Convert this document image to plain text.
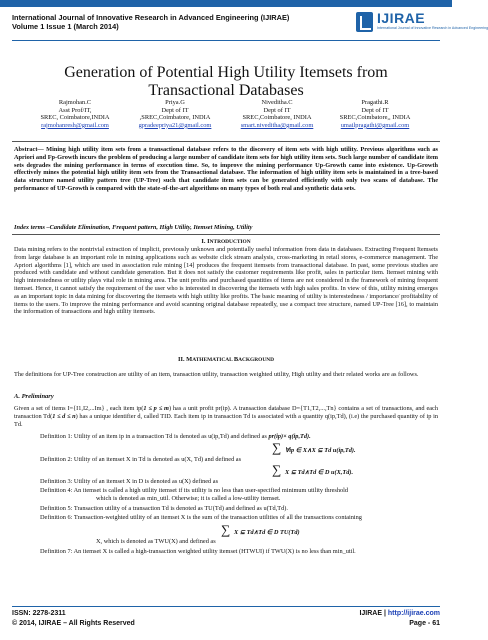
International Journal of Innovative Research in Advanced Engineering (IJIRAE)
Volume 1 Issue 1 (March 2014)
IJIRAE
International Journal of Innovative Research in Advanced Engineering
Generation of Potential High Utility Itemsets from Transactional Databases
Rajmohan.C
Asst Prof/IT,
SREC, Coimbatore,INDIA
rajmohanresh@gmail.com
Priya.G
Dept of IT
,SREC,Coimbatore, INDIA
gpradeepriya21@gmail.com
Niveditha.C
Dept of IT
SREC,Coimbatore, INDIA
smart.niveditha@gmail.com
Pragathi.R
Dept of IT
SREC,Coimbatore,, INDIA
umailpragathi@gmail.com
Abstract— Mining high utility item sets from a transactional database refers to the discovery of item sets with high utility. Previous algorithms such as Apriori and Fp-Growth incurs the problem of producing a large number of candidate item sets for high utility item sets. Such large number of candidate item sets degrades the mining performance in terms of execution time. So, to improve the mining performance Up-Growth came into existence. Up-Growth effectively mines the potential high utility item sets from the Transactional database. The information of high utility item sets is maintained in a tree-based data structure named utility pattern tree (UP-Tree) such that candidate item sets can be generated efficiently with only two scans of database. The performance of UP-Growth is compared with the state-of-the-art algorithms on many types of both real and synthetic data sets.
Index terms –Candidate Elimination, Frequent pattern, High Utility, Itemset Mining, Utility
I. INTRODUCTION
Data mining refers to the nontrivial extraction of implicit, previously unknown and potentially useful information from data in databases. Extracting Frequent Itemsets from large database is an important role in mining applications such as website click stream analysis, cross-marketing in retail stores, e-commerce management. The Apriori algorithms [1], which are used in association rule mining [14] produces the frequent itemsets from transactional database. In past, some previous studies are produced with candidate and without candidate generation. But it does not satisfy the customer requirements like profit, sales in particular item. Itemset mining with high interestedness or utility plays vital role in mining area. The unit profits and purchased quantities of items are not considered in the framework of mining frequent itemset. Hence, it cannot satisfy the requirement of the user who is interested in discovering the itemsets with high sales profits. In view of this, utility mining emerges as an important topic in data mining for discovering the itemsets with high utility like profits. The basic meaning of utility is interestedness / importance/ profitability of items to the users. To improve the mining performance and avoid scanning original database repeatedly, use a compact tree structure, named UP-Tree [16], to maintain the information of transactions and high utility itemsets.
II. MATHEMATICAL BACKGROUND
The definitions for UP-Tree construction are utility of an item, transaction utility, transaction weighted utility, High utility and their related works are as follows.
A. Preliminary
Given a set of items I={I1,I2,...Im} , each item ip(1 ≤ p ≤ m) has a unit profit pr(ip). A transaction database D={T1,T2,...,Tn} contains a set of transactions, and each transaction Td(1 ≤ d ≤ n) has a unique identifier d, called TID. Each item ip in transaction Td is associated with a quantity q(ip,Td), (i.e) the purchased quantity of ip in Td.
Definition 1: Utility of an item ip in a transaction Td is denoted as u(ip,Td) and defined as pr(ip)× q(ip,Td).
∑ ∀ip ∈ X∧X ⊆ Td u(ip,Td).
Definition 2: Utility of an itemset X in Td is denoted as u(X, Td) and defined as
∑ X ⊆ Td∧Td ∈ D u(X,Td).
Definition 3: Utility of an itemset X in D is denoted as u(X) defined as
Definition 4: An itemset is called a high utility itemset if its utility is no less than user-specified minimum utility threshold
which is denoted as min_util. Otherwise; it is called a low-utility itemset.
Definition 5: Transaction utility of a transaction Td is denoted as TU(Td) and defined as u(Td,Td).
Definition 6: Transaction-weighted utility of an itemset X is the sum of the transaction utilities of all the transactions containing
∑ X ⊆ Td∧Td ∈ D TU(Td)
X, which is denoted as TWU(X) and defined as
Definition 7: An itemset X is called a high-transaction weighted utility itemset (HTWUI) if TWU(X) is no less than min_util.
ISSN: 2278-2311
© 2014, IJIRAE – All Rights Reserved
IJIRAE | http://ijirae.com
Page - 61
